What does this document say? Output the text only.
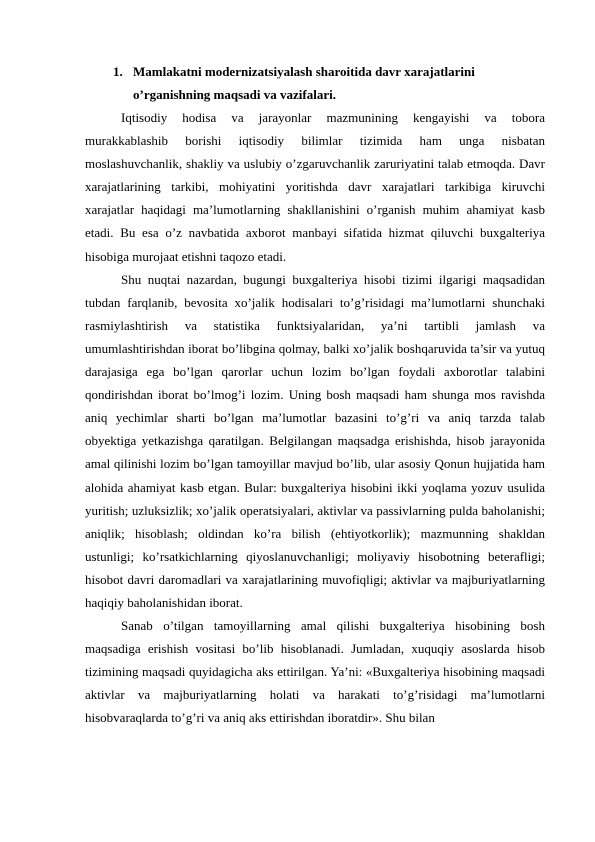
1. Mamlakatni modernizatsiyalash sharoitida davr xarajatlarini
o’rganishning maqsadi va vazifalari.

Iqtisodiy hodisa va jarayonlar mazmunining kengayishi va tobora murakkablashib borishi iqtisodiy bilimlar tizimida ham unga nisbatan moslashuvchanlik, shakliy va uslubiy o’zgaruvchanlik zaruriyatini talab etmoqda. Davr xarajatlarining tarkibi, mohiyatini yoritishda davr xarajatlari tarkibiga kiruvchi xarajatlar haqidagi ma’lumotlarning shakllanishini o’rganish muhim ahamiyat kasb etadi. Bu esa o’z navbatida axborot manbayi sifatida hizmat qiluvchi buxgalteriya hisobiga murojaat etishni taqozo etadi.

Shu nuqtai nazardan, bugungi buxgalteriya hisobi tizimi ilgarigi maqsadidan tubdan farqlanib, bevosita xo’jalik hodisalari to’g’risidagi ma’lumotlarni shunchaki rasmiylashtirish va statistika funktsiyalaridan, ya’ni tartibli jamlash va umumlashtirishdan iborat bo’libgina qolmay, balki xo’jalik boshqaruvida ta’sir va yutuq darajasiga ega bo’lgan qarorlar uchun lozim bo’lgan foydali axborotlar talabini qondirishdan iborat bo’lmog’i lozim. Uning bosh maqsadi ham shunga mos ravishda aniq yechimlar sharti bo’lgan ma’lumotlar bazasini to’g’ri va aniq tarzda talab obyektiga yetkazishga qaratilgan. Belgilangan maqsadga erishishda, hisob jarayonida amal qilinishi lozim bo’lgan tamoyillar mavjud bo’lib, ular asosiy Qonun hujjatida ham alohida ahamiyat kasb etgan. Bular: buxgalteriya hisobini ikki yoqlama yozuv usulida yuritish; uzluksizlik; xo’jalik operatsiyalari, aktivlar va passivlarning pulda baholanishi; aniqlik; hisoblash; oldindan ko’ra bilish (ehtiyotkorlik); mazmunning shakldan ustunligi; ko’rsatkichlarning qiyoslanuvchanligi; moliyaviy hisobotning beterafligi; hisobot davri daromadlari va xarajatlarining muvofiqligi; aktivlar va majburiyatlarning haqiqiy baholanishidan iborat.

Sanab o’tilgan tamoyillarning amal qilishi buxgalteriya hisobining bosh maqsadiga erishish vositasi bo’lib hisoblanadi. Jumladan, xuquqiy asoslarda hisob tizimining maqsadi quyidagicha aks ettirilgan. Ya’ni: «Buxgalteriya hisobining maqsadi aktivlar va majburiyatlarning holati va harakati to’g’risidagi ma’lumotlarni hisobvaraqlarda to’g’ri va aniq aks ettirishdan iboratdir». Shu bilan
